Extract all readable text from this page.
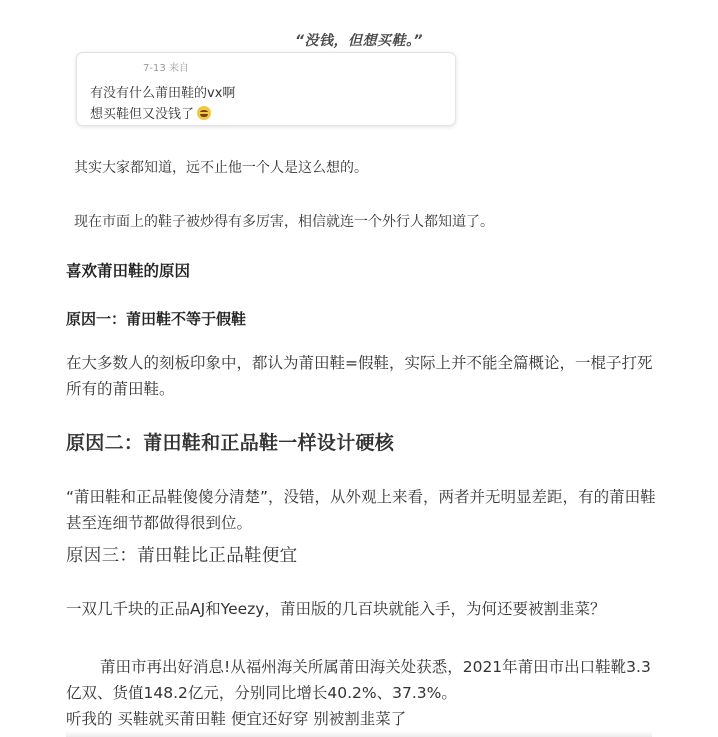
“没钱，但想买鞋。”
7-13 来自
有没有什么莆田鞋的vx啊
想买鞋但又没钱了
其实大家都知道，远不止他一个人是这么想的。
现在市面上的鞋子被炒得有多厉害，相信就连一个外行人都知道了。
喜欢莆田鞋的原因
原因一：莆田鞋不等于假鞋
在大多数人的刻板印象中，都认为莆田鞋=假鞋，实际上并不能全篇概论，一棍子打死所有的莆田鞋。
原因二：莆田鞋和正品鞋一样设计硬核
“莆田鞋和正品鞋傻傻分清楚”，没错，从外观上来看，两者并无明显差距，有的莆田鞋甚至连细节都做得很到位。
原因三：莆田鞋比正品鞋便宜
一双几千块的正品AJ和Yeezy，莆田版的几百块就能入手，为何还要被割韭菜？
莆田市再出好消息!从福州海关所属莆田海关处获悉，2021年莆田市出口鞋靴3.3亿双、货值148.2亿元，分别同比增长40.2%、37.3%。
听我的 买鞋就买莆田鞋 便宜还好穿 别被割韭菜了
